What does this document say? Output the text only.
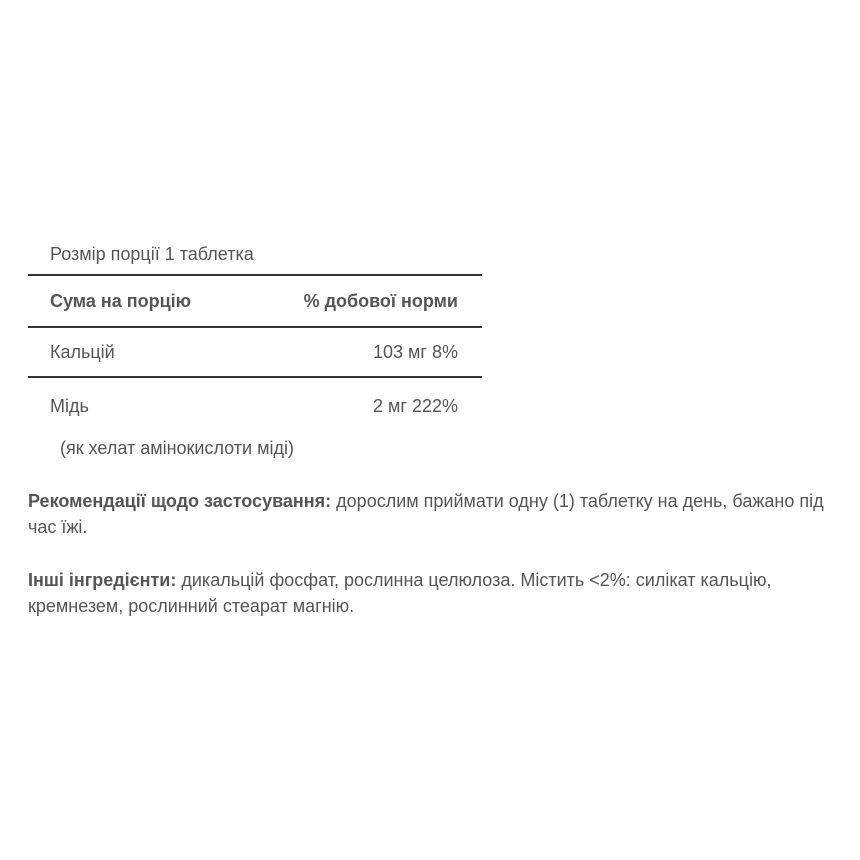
Розмір порції 1 таблетка
Сума на порцію	% добової норми
Кальцій	103 мг 8%
Мідь	2 мг 222%
(як хелат амінокислоти міді)
Рекомендації щодо застосування: дорослим приймати одну (1) таблетку на день, бажано під час їжі.
Інші інгредієнти: дикальцій фосфат, рослинна целюлоза. Містить <2%: силікат кальцію, кремнезем, рослинний стеарат магнію.
